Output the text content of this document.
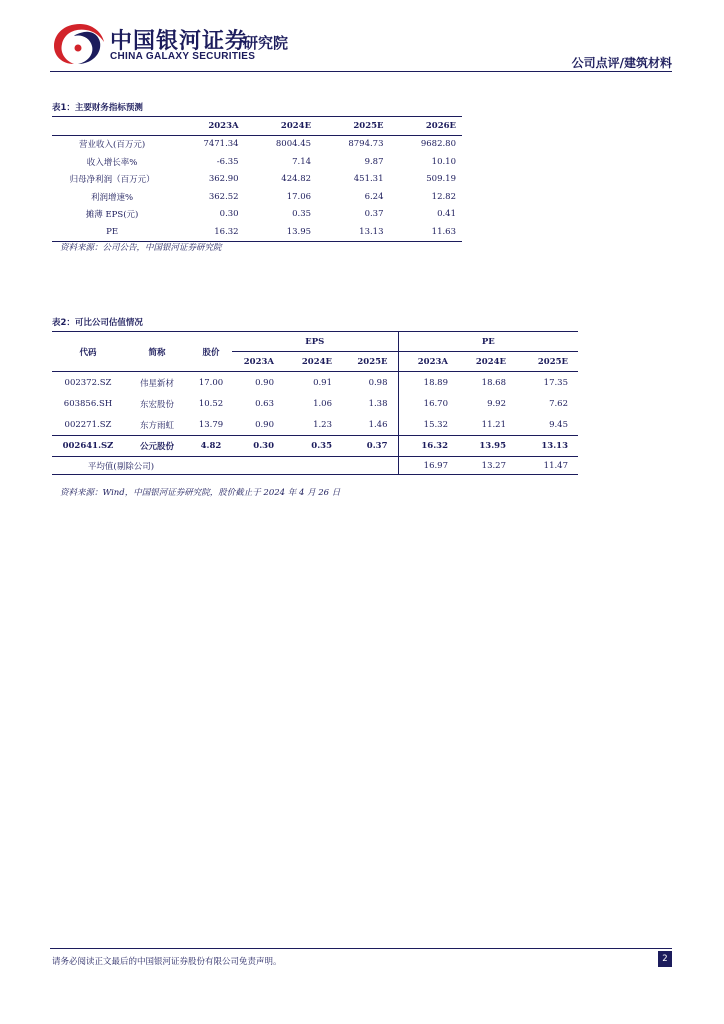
中国银河证券
CHINA GALAXY SECURITIES
研究院
公司点评/建筑材料
表1：主要财务指标预测
	2023A	2024E	2025E	2026E
营业收入(百万元)	7471.34	8004.45	8794.73	9682.80
收入增长率%	-6.35	7.14	9.87	10.10
归母净利润（百万元）	362.90	424.82	451.31	509.19
利润增速%	362.52	17.06	6.24	12.82
摊薄 EPS(元)	0.30	0.35	0.37	0.41
PE	16.32	13.95	13.13	11.63
资料来源：公司公告，中国银河证券研究院
表2：可比公司估值情况
代码	简称	股价	EPS			PE		
			2023A	2024E	2025E	2023A	2024E	2025E
002372.SZ	伟星新材	17.00	0.90	0.91	0.98	18.89	18.68	17.35
603856.SH	东宏股份	10.52	0.63	1.06	1.38	16.70	9.92	7.62
002271.SZ	东方雨虹	13.79	0.90	1.23	1.46	15.32	11.21	9.45
002641.SZ	公元股份	4.82	0.30	0.35	0.37	16.32	13.95	13.13
平均值(剔除公司)						16.97	13.27	11.47
资料来源：Wind，中国银河证券研究院，股价截止于 2024 年 4 月 26 日
请务必阅读正文最后的中国银河证券股份有限公司免责声明。	2
